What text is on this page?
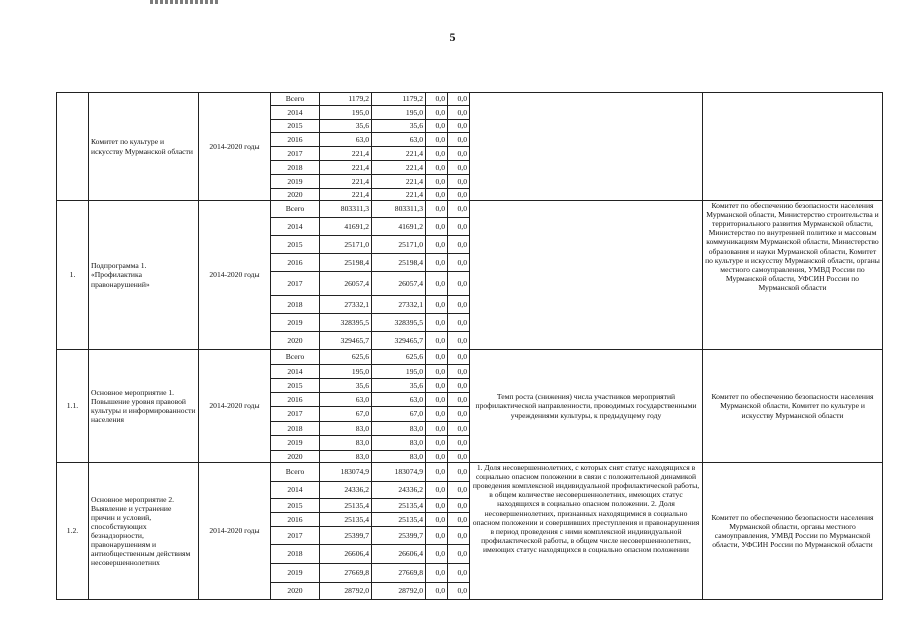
5
	Комитет по культуре и искусству Мурманской области	2014-2020 годы	Всего	1179,2	1179,2	0,0	0,0		
			2014	195,0	195,0	0,0	0,0		
			2015	35,6	35,6	0,0	0,0		
			2016	63,0	63,0	0,0	0,0		
			2017	221,4	221,4	0,0	0,0		
			2018	221,4	221,4	0,0	0,0		
			2019	221,4	221,4	0,0	0,0		
			2020	221,4	221,4	0,0	0,0		
1.	Подпрограмма 1. «Профилактика правонарушений»	2014-2020 годы	Всего	803311,3	803311,3	0,0	0,0		Комитет по обеспечению безопасности населения Мурманской области, Министерство строительства и территориального развития Мурманской области, Министерство по внутренней политике и массовым коммуникациям Мурманской области, Министерство образования и науки Мурманской области, Комитет по культуре и искусству Мурманской области, органы местного самоуправления, УМВД России по Мурманской области, УФСИН России по Мурманской области
			2014	41691,2	41691,2	0,0	0,0		
			2015	25171,0	25171,0	0,0	0,0		
			2016	25198,4	25198,4	0,0	0,0		
			2017	26057,4	26057,4	0,0	0,0		
			2018	27332,1	27332,1	0,0	0,0		
			2019	328395,5	328395,5	0,0	0,0		
			2020	329465,7	329465,7	0,0	0,0		
1.1.	Основное мероприятие 1. Повышение уровня правовой культуры и информированности населения	2014-2020 годы	Всего	625,6	625,6	0,0	0,0	Темп роста (снижения) числа участников мероприятий профилактической направленности, проводимых государственными учреждениями культуры, к предыдущему году	Комитет по обеспечению безопасности населения Мурманской области, Комитет по культуре и искусству Мурманской области
			2014	195,0	195,0	0,0	0,0		
			2015	35,6	35,6	0,0	0,0		
			2016	63,0	63,0	0,0	0,0		
			2017	67,0	67,0	0,0	0,0		
			2018	83,0	83,0	0,0	0,0		
			2019	83,0	83,0	0,0	0,0		
			2020	83,0	83,0	0,0	0,0		
1.2.	Основное мероприятие 2. Выявление и устранение причин и условий, способствующих безнадзорности, правонарушениям и антиобщественным действиям несовершеннолетних	2014-2020 годы	Всего	183074,9	183074,9	0,0	0,0	1. Доля несовершеннолетних, с которых снят статус находящихся в социально опасном положении в связи с положительной динамикой проведения комплексной индивидуальной профилактической работы, в общем количестве несовершеннолетних, имеющих статус находящихся в социально опасном положении. 2. Доля несовершеннолетних, признанных находящимися в социально опасном положении и совершивших преступления и правонарушения в период проведения с ними комплексной индивидуальной профилактической работы, в общем числе несовершеннолетних, имеющих статус находящихся в социально опасном положении	Комитет по обеспечению безопасности населения Мурманской области, органы местного самоуправления, УМВД России по Мурманской области, УФСИН России по Мурманской области
			2014	24336,2	24336,2	0,0	0,0		
			2015	25135,4	25135,4	0,0	0,0		
			2016	25135,4	25135,4	0,0	0,0		
			2017	25399,7	25399,7	0,0	0,0		
			2018	26606,4	26606,4	0,0	0,0		
			2019	27669,8	27669,8	0,0	0,0		
			2020	28792,0	28792,0	0,0	0,0		
